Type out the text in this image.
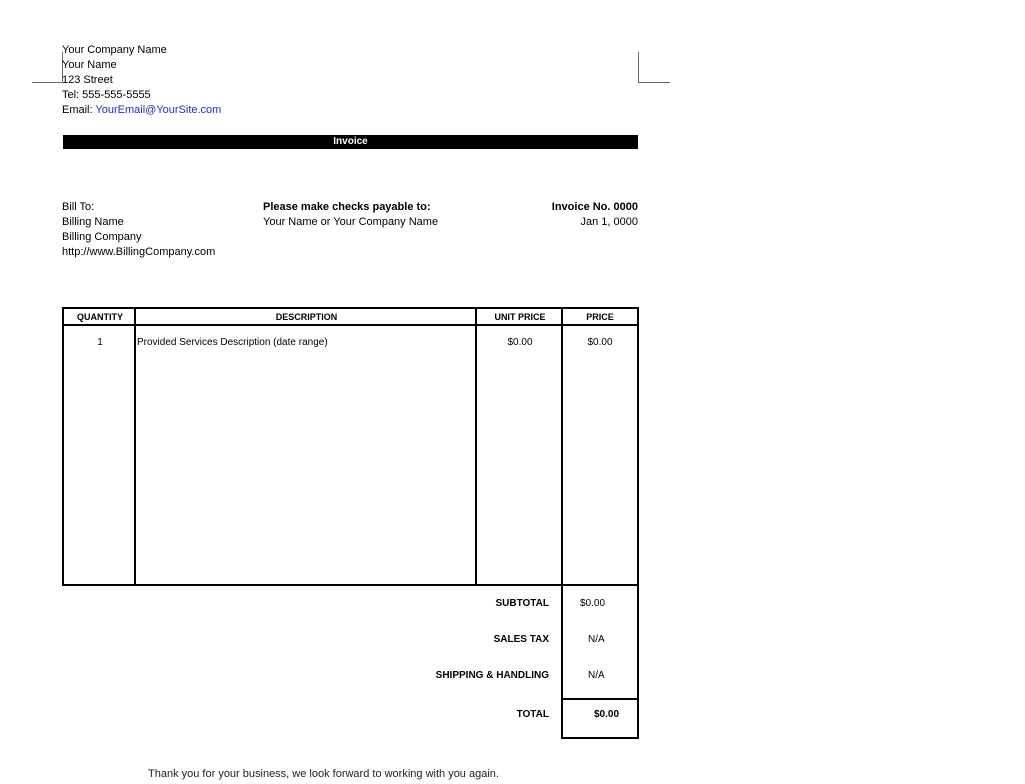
Your Company Name
Your Name
123 Street
Tel: 555-555-5555
Email: YourEmail@YourSite.com
Invoice
Bill To:
Billing Name
Billing Company
http://www.BillingCompany.com
Please make checks payable to:
Your Name or Your Company Name
Invoice No. 0000
Jan 1, 0000
QUANTITY	DESCRIPTION	UNIT PRICE	PRICE
1	Provided Services Description (date range)	$0.00	$0.00
SUBTOTAL	$0.00
SALES TAX	N/A
SHIPPING & HANDLING	N/A
TOTAL	$0.00
Thank you for your business, we look forward to working with you again.
